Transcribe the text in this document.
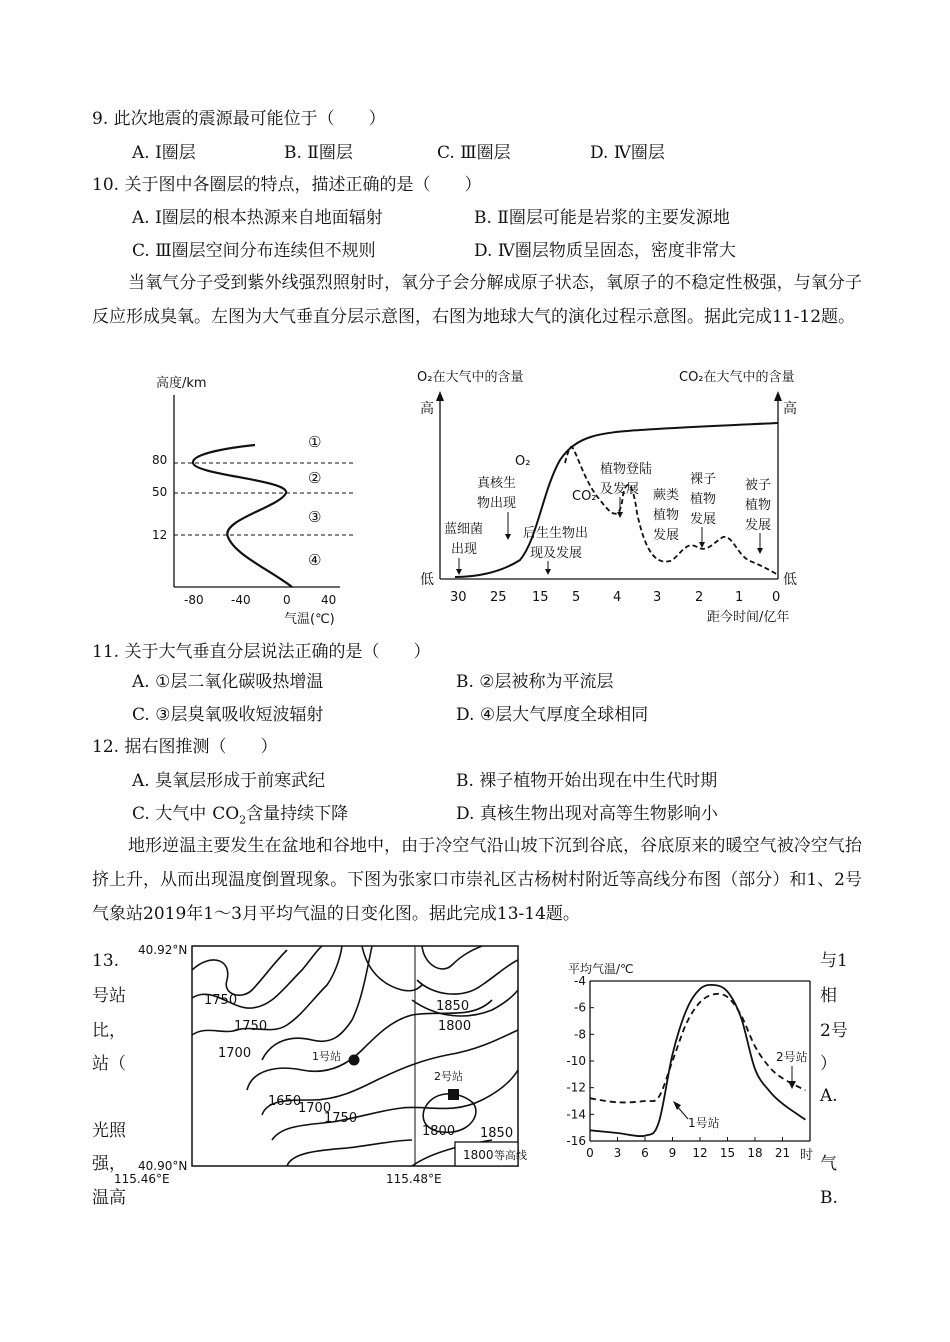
9. 此次地震的震源最可能位于（　　）
A. Ⅰ圈层	B. Ⅱ圈层	C. Ⅲ圈层	D. Ⅳ圈层
10. 关于图中各圈层的特点，描述正确的是（　　）
A. Ⅰ圈层的根本热源来自地面辐射	B. Ⅱ圈层可能是岩浆的主要发源地
C. Ⅲ圈层空间分布连续但不规则	D. Ⅳ圈层物质呈固态，密度非常大
当氧气分子受到紫外线强烈照射时，氧分子会分解成原子状态，氧原子的不稳定性极强，与氧分子反应形成臭氧。左图为大气垂直分层示意图，右图为地球大气的演化过程示意图。据此完成11-12题。
高度/km
80
50
12
①
②
③
④
-80 -40	0	40
气温(℃)
O₂在大气中的含量	CO₂在大气中的含量
高	高
低	低
O₂
CO₂
蓝细菌
出现
真核生
物出现
后生生物出
现及发展
植物登陆
及发展 蕨类
植物
发展
裸子
植物
发展
被子
植物
发展
30 25 15 5	4 3	2 1 0
距今时间/亿年
11. 关于大气垂直分层说法正确的是（　　）
A. ①层二氧化碳吸热增温	B. ②层被称为平流层
C. ③层臭氧吸收短波辐射	D. ④层大气厚度全球相同
12. 据右图推测（　　）
A. 臭氧层形成于前寒武纪	B. 裸子植物开始出现在中生代时期
C. 大气中 $CO_2$含量持续下降	D. 真核生物出现对高等生物影响小
地形逆温主要发生在盆地和谷地中，由于冷空气沿山坡下沉到谷底，谷底原来的暖空气被冷空气抬挤上升，从而出现温度倒置现象。下图为张家口市崇礼区古杨树村附近等高线分布图（部分）和1、2号气象站2019年1～3月平均气温的日变化图。据此完成13-14题。
13.
号站
比，
站（
光照
强，
温高
与1
相
2号
）
A.
气
B.
40.92°N
40.90°N
115.46°E	115.48°E
1750
1750
1700
1650
1700
1750
1850
1800
1800 1850
1号站
2号站
1800 等高线
平均气温/℃
-4
-6
-8
-10
-12
-14
-16
0 3 6 9 12 15 18 21 时
1号站
2号站
